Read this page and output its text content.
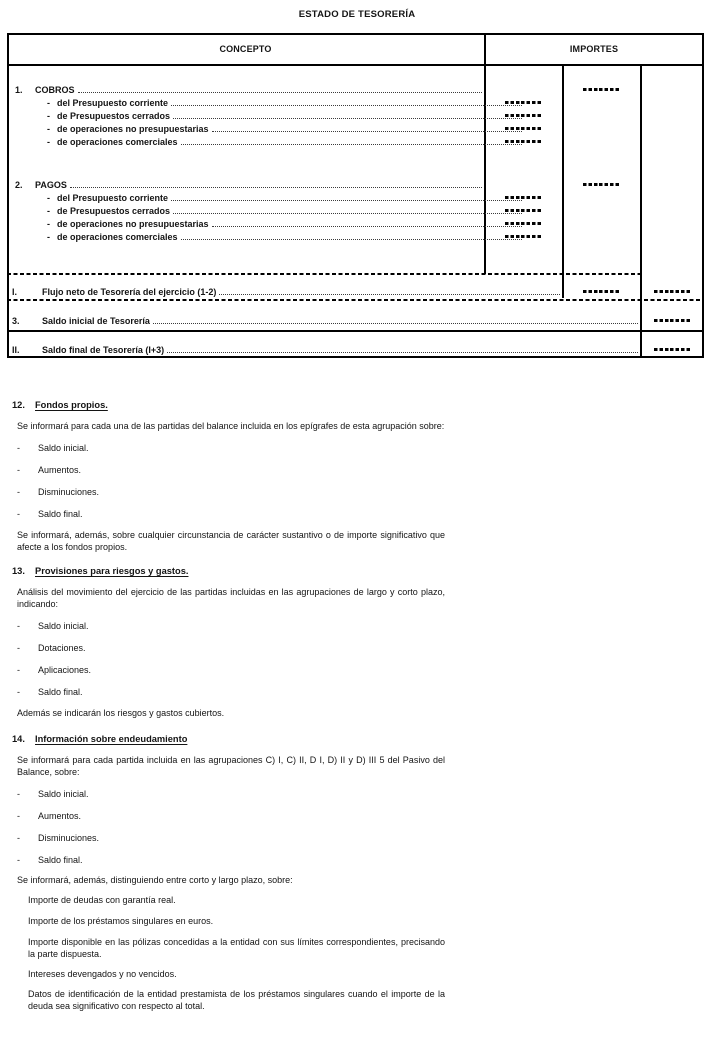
ESTADO DE TESORERÍA
CONCEPTO	IMPORTES
1.	COBROS
- del Presupuesto corriente
- de Presupuestos cerrados
- de operaciones no presupuestarias
- de operaciones comerciales
2.	PAGOS
- del Presupuesto corriente
- de Presupuestos cerrados
- de operaciones no presupuestarias
- de operaciones comerciales
I.	Flujo neto de Tesorería del ejercicio (1-2)
3.	Saldo inicial de Tesorería
II.	Saldo final de Tesorería (I+3)
12. Fondos propios.

Se informará para cada una de las partidas del balance incluida en los epígrafes de esta agrupación sobre:

-	Saldo inicial.
-	Aumentos.
-	Disminuciones.
-	Saldo final.

Se informará, además, sobre cualquier circunstancia de carácter sustantivo o de importe significativo que afecte a los fondos propios.

13. Provisiones para riesgos y gastos.

Análisis del movimiento del ejercicio de las partidas incluidas en las agrupaciones de largo y corto plazo, indicando:

-	Saldo inicial.
-	Dotaciones.
-	Aplicaciones.
-	Saldo final.

Además se indicarán los riesgos y gastos cubiertos.

14. Información sobre endeudamiento

Se informará para cada partida incluida en las agrupaciones C) I, C) II, D I, D) II y D) III 5 del Pasivo del Balance, sobre:

-	Saldo inicial.
-	Aumentos.
-	Disminuciones.
-	Saldo final.

Se informará, además, distinguiendo entre corto y largo plazo, sobre:

Importe de deudas con garantía real.

Importe de los préstamos singulares en euros.

Importe disponible en las pólizas concedidas a la entidad con sus límites correspondientes, precisando la parte dispuesta.

Intereses devengados y no vencidos.

Datos de identificación de la entidad prestamista de los préstamos singulares cuando el importe de la deuda sea significativo con respecto al total.
